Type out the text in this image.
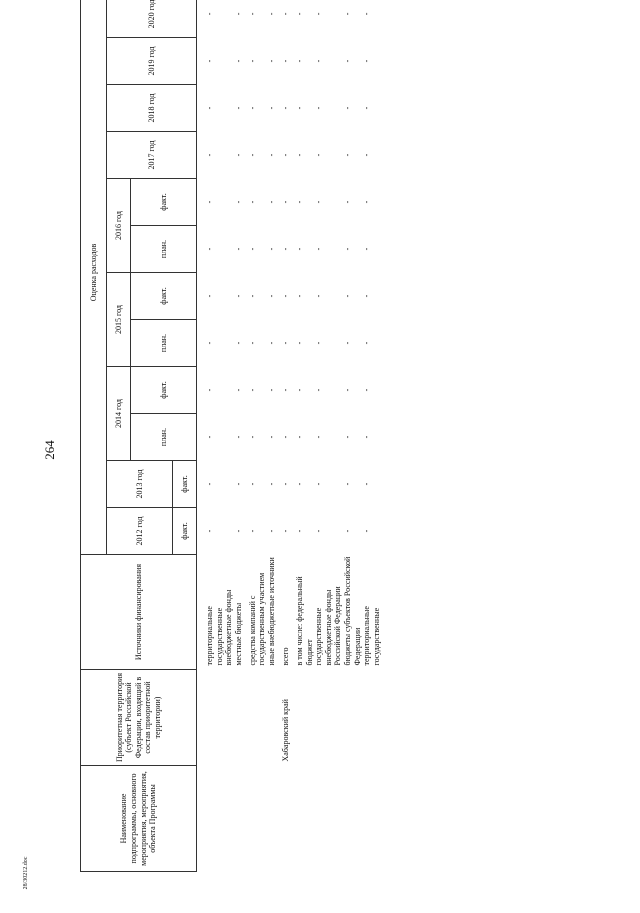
264
28/30212.doc
Наименование подпрограммы, основного мероприятия, мероприятия, объекта Программы	Приоритетная территория (субъект Российской Федерации, входящий в состав приоритетной территории)	Источники финансирования	Оценка расходов											
			2012 год	2013 год	2014 год		2015 год		2016 год		2017 год	2018 год	2019 год	2020 год
					план.	факт.	план.	факт.	план.	факт.				
			факт.	факт.										
		территориальные государственные внебюджетные фонды	-	-	-	-	-	-	-	-	-	-	-	-
		местные бюджеты	-	-	-	-	-	-	-	-	-	-	-	-
		средства компаний с государственным участием	-	-	-	-	-	-	-	-	-	-	-	-
		иные внебюджетные источники	-	-	-	-	-	-	-	-	-	-	-	-
	Хабаровский край	всего	-	-	-	-	-	-	-	-	-	-	-	-
		в том числе: федеральный бюджет	-	-	-	-	-	-	-	-	-	-	-	-
		государственные внебюджетные фонды Российской Федерации	-	-	-	-	-	-	-	-	-	-	-	-
		бюджеты субъектов Российской Федерации	-	-	-	-	-	-	-	-	-	-	-	-
		территориальные государственные	-	-	-	-	-	-	-	-	-	-	-	-
